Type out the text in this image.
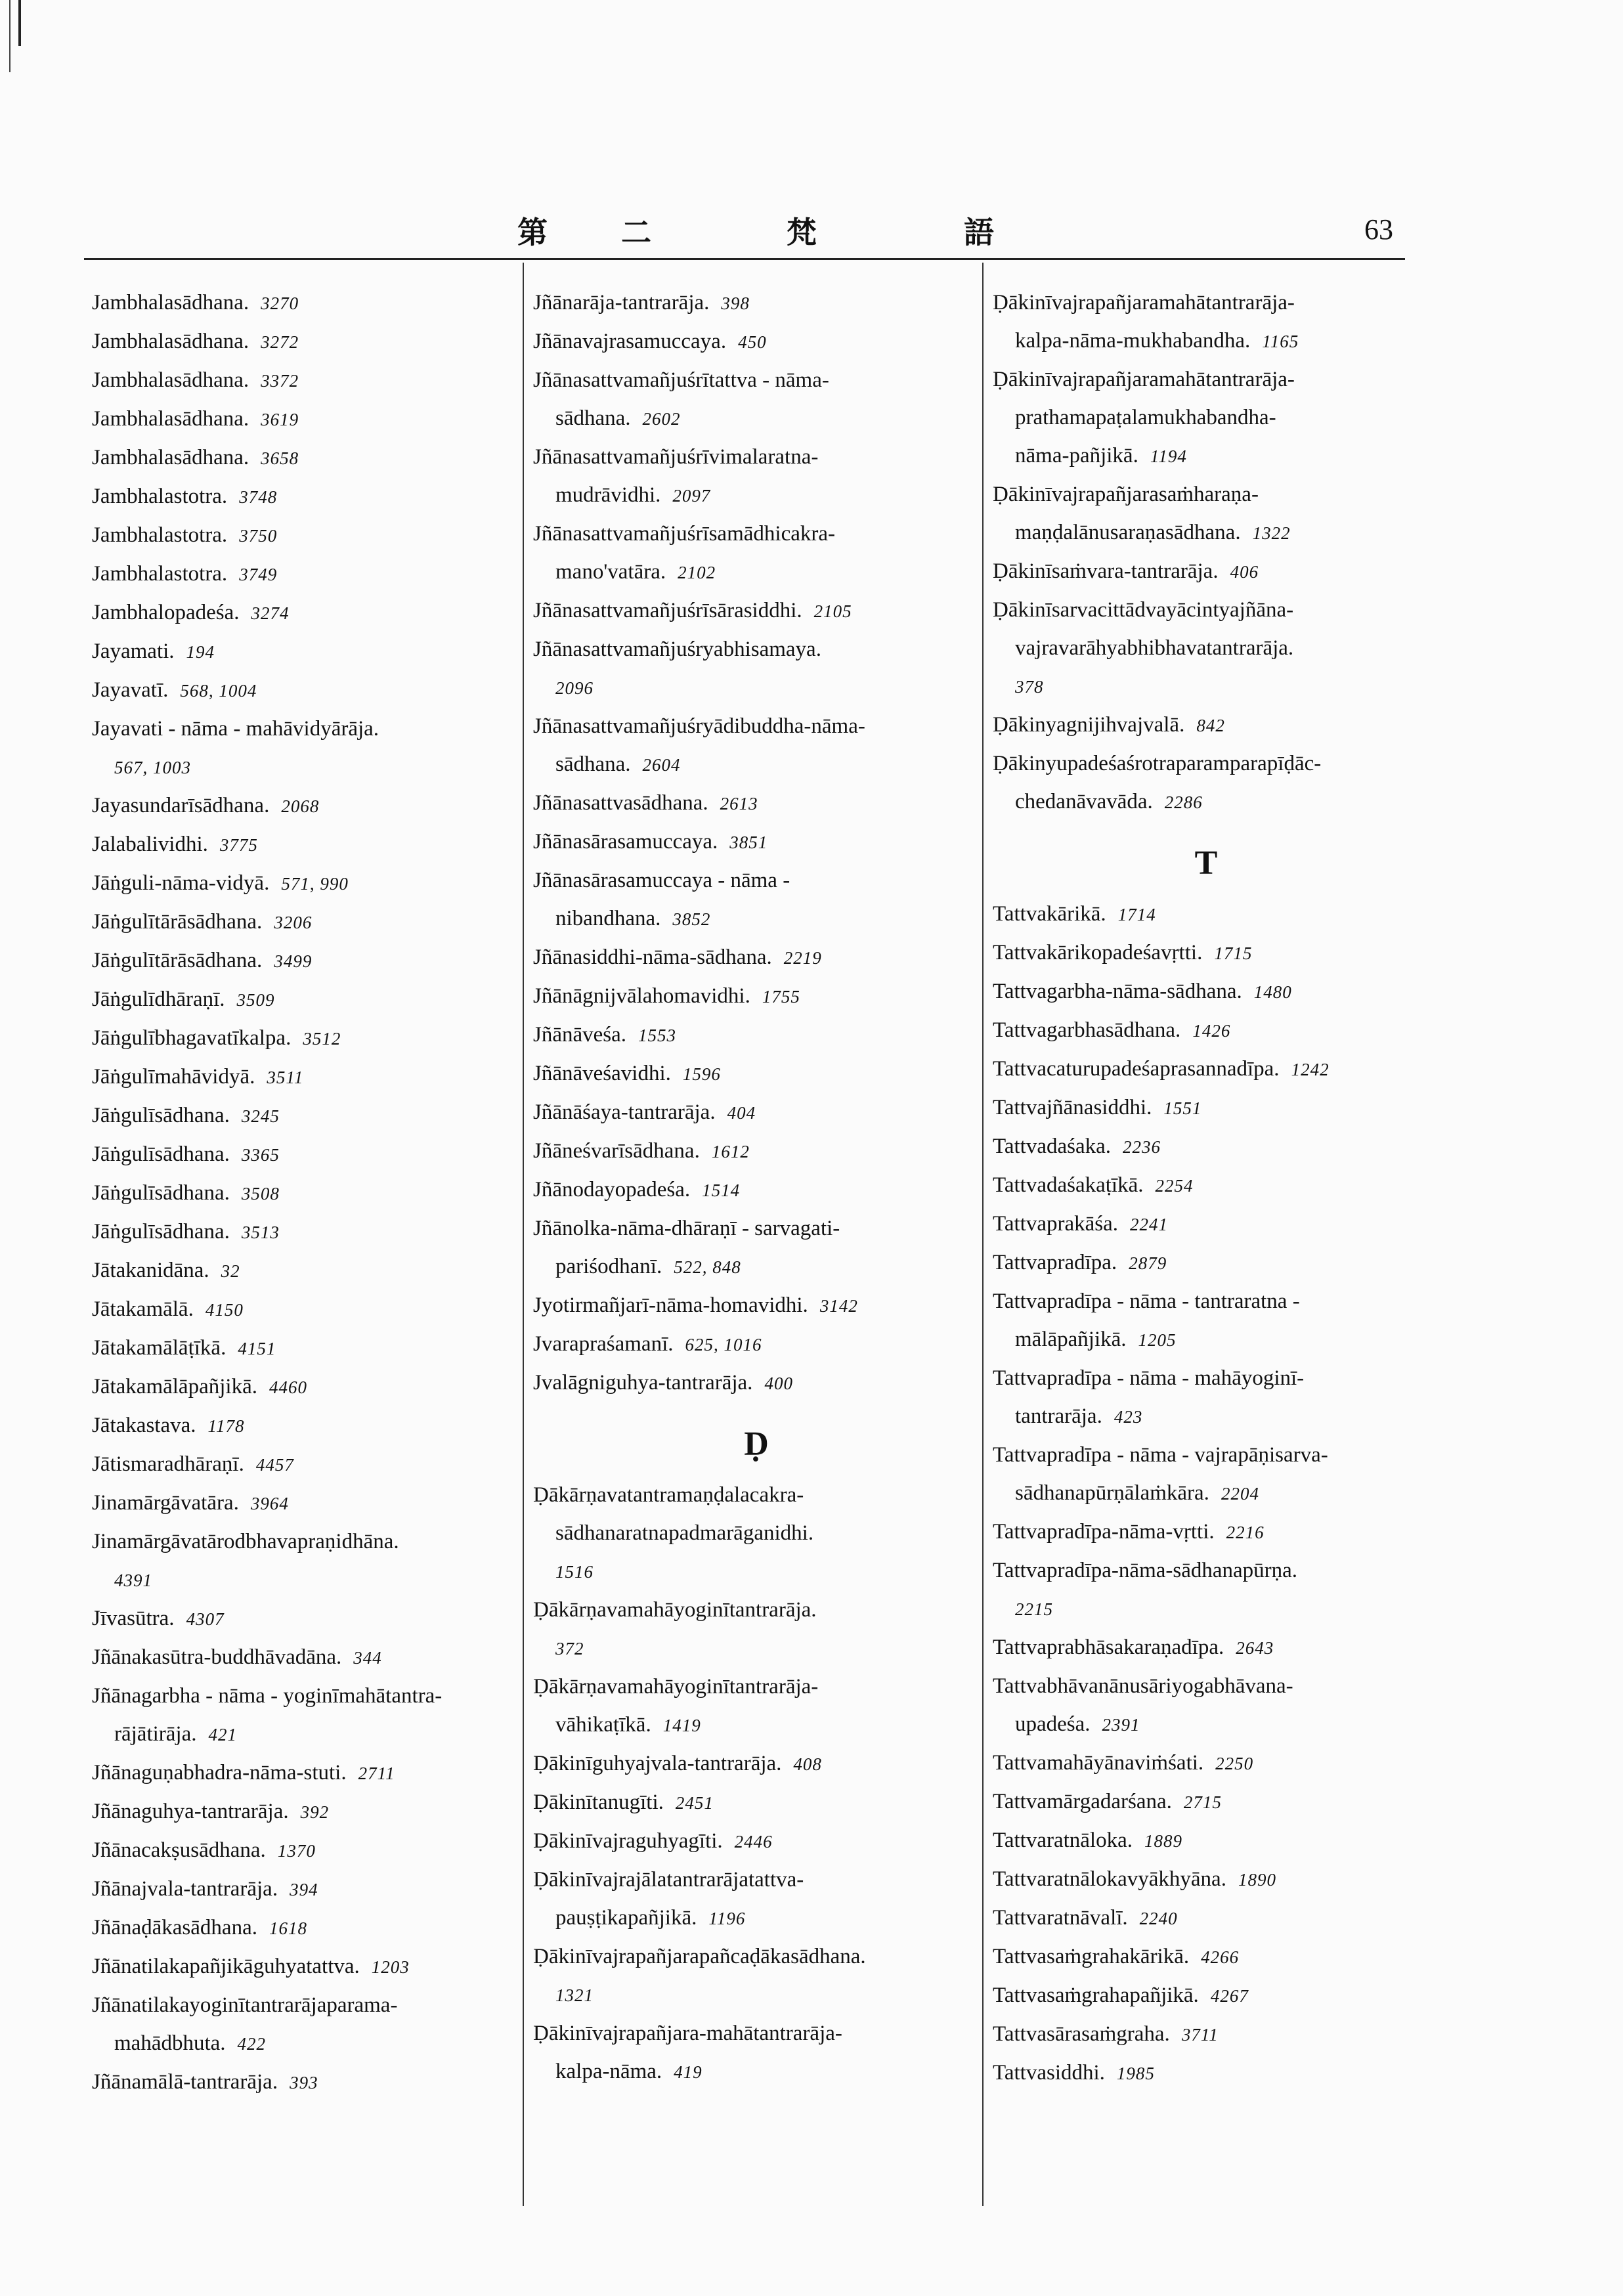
第 二	梵	語	63
Jambhalasādhana. 3270
Jambhalasādhana. 3272
Jambhalasādhana. 3372
Jambhalasādhana. 3619
Jambhalasādhana. 3658
Jambhalastotra. 3748
Jambhalastotra. 3750
Jambhalastotra. 3749
Jambhalopadeśa. 3274
Jayamati. 194
Jayavatī. 568, 1004
Jayavati - nāma - mahāvidyārāja.
567, 1003
Jayasundarīsādhana. 2068
Jalabalividhi. 3775
Jāṅguli-nāma-vidyā. 571, 990
Jāṅgulītārāsādhana. 3206
Jāṅgulītārāsādhana. 3499
Jāṅgulīdhāraṇī. 3509
Jāṅgulībhagavatīkalpa. 3512
Jāṅgulīmahāvidyā. 3511
Jāṅgulīsādhana. 3245
Jāṅgulīsādhana. 3365
Jāṅgulīsādhana. 3508
Jāṅgulīsādhana. 3513
Jātakanidāna. 32
Jātakamālā. 4150
Jātakamālāṭīkā. 4151
Jātakamālāpañjikā. 4460
Jātakastava. 1178
Jātismaradhāraṇī. 4457
Jinamārgāvatāra. 3964
Jinamārgāvatārodbhavapraṇidhāna.
4391
Jīvasūtra. 4307
Jñānakasūtra-buddhāvadāna. 344
Jñānagarbha - nāma - yoginīmahātantra-
rājātirāja. 421
Jñānaguṇabhadra-nāma-stuti. 2711
Jñānaguhya-tantrarāja. 392
Jñānacakṣusādhana. 1370
Jñānajvala-tantrarāja. 394
Jñānaḍākasādhana. 1618
Jñānatilakapañjikāguhyatattva. 1203
Jñānatilakayoginītantrarājaparama-
mahādbhuta. 422
Jñānamālā-tantrarāja. 393
Jñānarāja-tantrarāja. 398
Jñānavajrasamuccaya. 450
Jñānasattvamañjuśrītattva - nāma-
sādhana. 2602
Jñānasattvamañjuśrīvimalaratna-
mudrāvidhi. 2097
Jñānasattvamañjuśrīsamādhicakra-
mano'vatāra. 2102
Jñānasattvamañjuśrīsārasiddhi. 2105
Jñānasattvamañjuśryabhisamaya.
2096
Jñānasattvamañjuśryādibuddha-nāma-
sādhana. 2604
Jñānasattvasādhana. 2613
Jñānasārasamuccaya. 3851
Jñānasārasamuccaya - nāma -
nibandhana. 3852
Jñānasiddhi-nāma-sādhana. 2219
Jñānāgnijvālahomavidhi. 1755
Jñānāveśa. 1553
Jñānāveśavidhi. 1596
Jñānāśaya-tantrarāja. 404
Jñāneśvarīsādhana. 1612
Jñānodayopadeśa. 1514
Jñānolka-nāma-dhāraṇī - sarvagati-
pariśodhanī. 522, 848
Jyotirmañjarī-nāma-homavidhi. 3142
Jvarapraśamanī. 625, 1016
Jvalāgniguhya-tantrarāja. 400
Ḍ
Ḍākārṇavatantramaṇḍalacakra-
sādhanaratnapadmarāganidhi.
1516
Ḍākārṇavamahāyoginītantrarāja.
372
Ḍākārṇavamahāyoginītantrarāja-
vāhikaṭīkā. 1419
Ḍākinīguhyajvala-tantrarāja. 408
Ḍākinītanugīti. 2451
Ḍākinīvajraguhyagīti. 2446
Ḍākinīvajrajālatantrarājatattva-
pauṣṭikapañjikā. 1196
Ḍākinīvajrapañjarapañcaḍākasādhana.
1321
Ḍākinīvajrapañjara-mahātantrarāja-
kalpa-nāma. 419
Ḍākinīvajrapañjaramahātantrarāja-
kalpa-nāma-mukhabandha. 1165
Ḍākinīvajrapañjaramahātantrarāja-
prathamapaṭalamukhabandha-
nāma-pañjikā. 1194
Ḍākinīvajrapañjarasaṁharaṇa-
maṇḍalānusaraṇasādhana. 1322
Ḍākinīsaṁvara-tantrarāja. 406
Ḍākinīsarvacittādvayācintyajñāna-
vajravarāhyabhibhavatantrarāja.
378
Ḍākinyagnijihvajvalā. 842
Ḍākinyupadeśaśrotraparamparapīḍāc-
chedanāvavāda. 2286
T
Tattvakārikā. 1714
Tattvakārikopadeśavṛtti. 1715
Tattvagarbha-nāma-sādhana. 1480
Tattvagarbhasādhana. 1426
Tattvacaturupadeśaprasannadīpa. 1242
Tattvajñānasiddhi. 1551
Tattvadaśaka. 2236
Tattvadaśakaṭīkā. 2254
Tattvaprakāśa. 2241
Tattvapradīpa. 2879
Tattvapradīpa - nāma - tantraratna -
mālāpañjikā. 1205
Tattvapradīpa - nāma - mahāyoginī-
tantrarāja. 423
Tattvapradīpa - nāma - vajrapāṇisarva-
sādhanapūrṇālaṁkāra. 2204
Tattvapradīpa-nāma-vṛtti. 2216
Tattvapradīpa-nāma-sādhanapūrṇa.
2215
Tattvaprabhāsakaraṇadīpa. 2643
Tattvabhāvanānusāriyogabhāvana-
upadeśa. 2391
Tattvamahāyānaviṁśati. 2250
Tattvamārgadarśana. 2715
Tattvaratnāloka. 1889
Tattvaratnālokavyākhyāna. 1890
Tattvaratnāvalī. 2240
Tattvasaṁgrahakārikā. 4266
Tattvasaṁgrahapañjikā. 4267
Tattvasārasaṁgraha. 3711
Tattvasiddhi. 1985
